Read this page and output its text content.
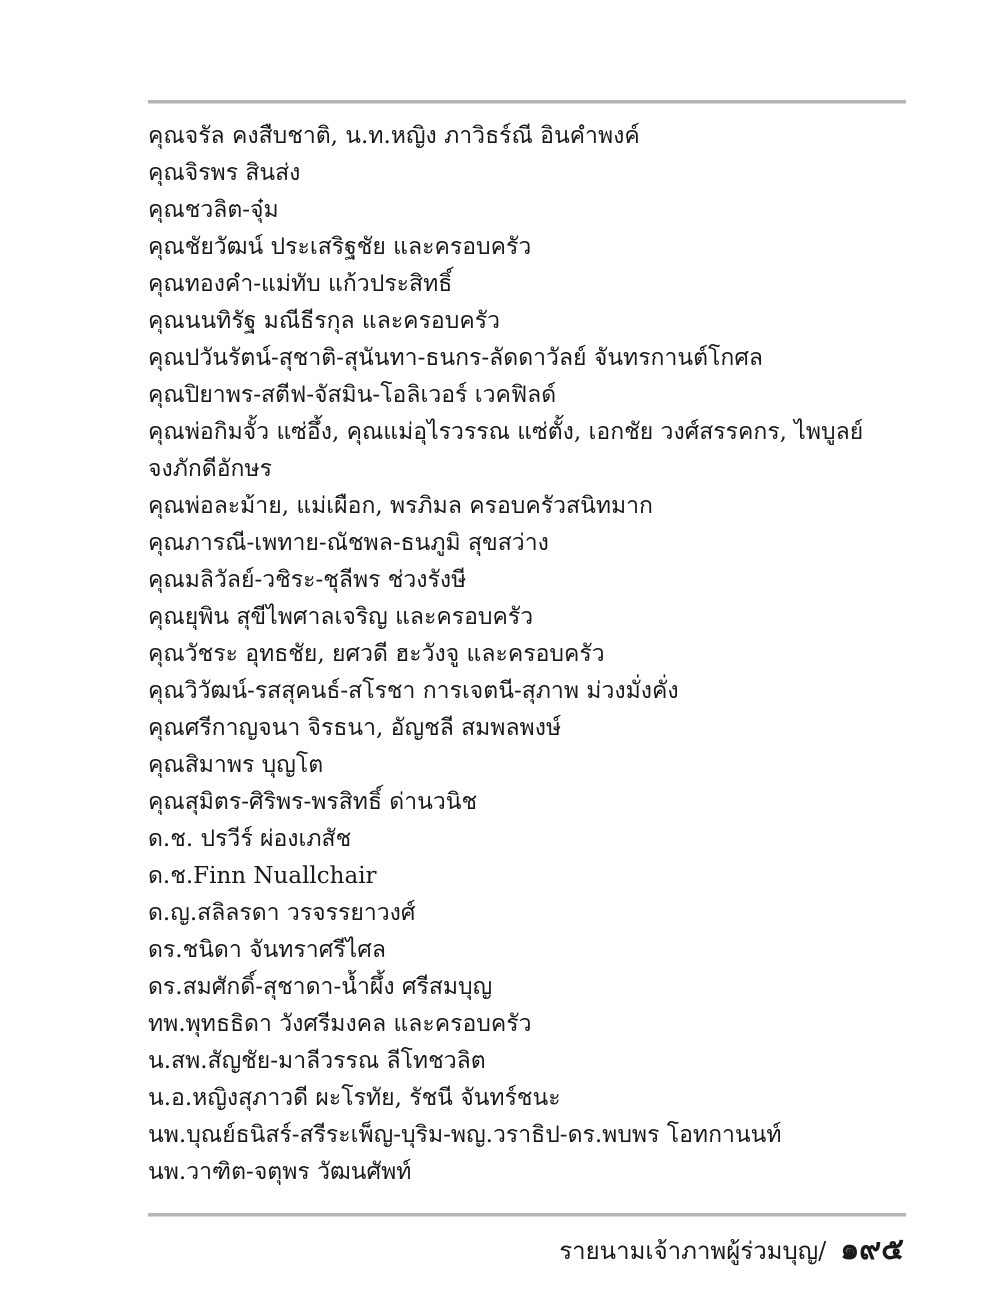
คุณจรัล คงสืบชาติ, น.ท.หญิง ภาวิธร์ณี อินคำพงค์
คุณจิรพร สินส่ง
คุณชวลิต-จุ๋ม
คุณชัยวัฒน์ ประเสริฐชัย และครอบครัว
คุณทองคำ-แม่ทับ แก้วประสิทธิ์
คุณนนทิรัฐ มณีธีรกุล และครอบครัว
คุณปวันรัตน์-สุชาติ-สุนันทา-ธนกร-ลัดดาวัลย์ จันทรกานต์โกศล
คุณปิยาพร-สตีฟ-จัสมิน-โอลิเวอร์ เวคฟิลด์
คุณพ่อกิมจั้ว แซ่อึ้ง, คุณแม่อุไรวรรณ แซ่ตั้ง, เอกชัย วงศ์สรรคกร, ไพบูลย์
จงภักดีอักษร
คุณพ่อละม้าย, แม่เผือก, พรภิมล ครอบครัวสนิทมาก
คุณภารณี-เพทาย-ณัชพล-ธนภูมิ สุขสว่าง
คุณมลิวัลย์-วชิระ-ชุลีพร ช่วงรังษี
คุณยุพิน สุขีไพศาลเจริญ และครอบครัว
คุณวัชระ อุทธชัย, ยศวดี ฮะวังจู และครอบครัว
คุณวิวัฒน์-รสสุคนธ์-สโรชา การเจตนี-สุภาพ ม่วงมั่งคั่ง
คุณศรีกาญจนา จิรธนา, อัญชลี สมพลพงษ์
คุณสิมาพร บุญโต
คุณสุมิตร-ศิริพร-พรสิทธิ์ ด่านวนิช
ด.ช. ปรวีร์ ผ่องเภสัช
ด.ช.Finn Nuallchair
ด.ญ.สลิลรดา วรจรรยาวงศ์
ดร.ชนิดา จันทราศรีไศล
ดร.สมศักดิ์-สุชาดา-น้ำผึ้ง ศรีสมบุญ
ทพ.พุทธธิดา วังศรีมงคล และครอบครัว
น.สพ.สัญชัย-มาลีวรรณ ลีโทชวลิต
น.อ.หญิงสุภาวดี ผะโรทัย, รัชนี จันทร์ชนะ
นพ.บุณย์ธนิสร์-สรีระเพ็ญ-บุริม-พญ.วราธิป-ดร.พบพร โอทกานนท์
นพ.วาฑิต-จตุพร วัฒนศัพท์
รายนามเจ้าภาพผู้ร่วมบุญ/ ๑๙๕
